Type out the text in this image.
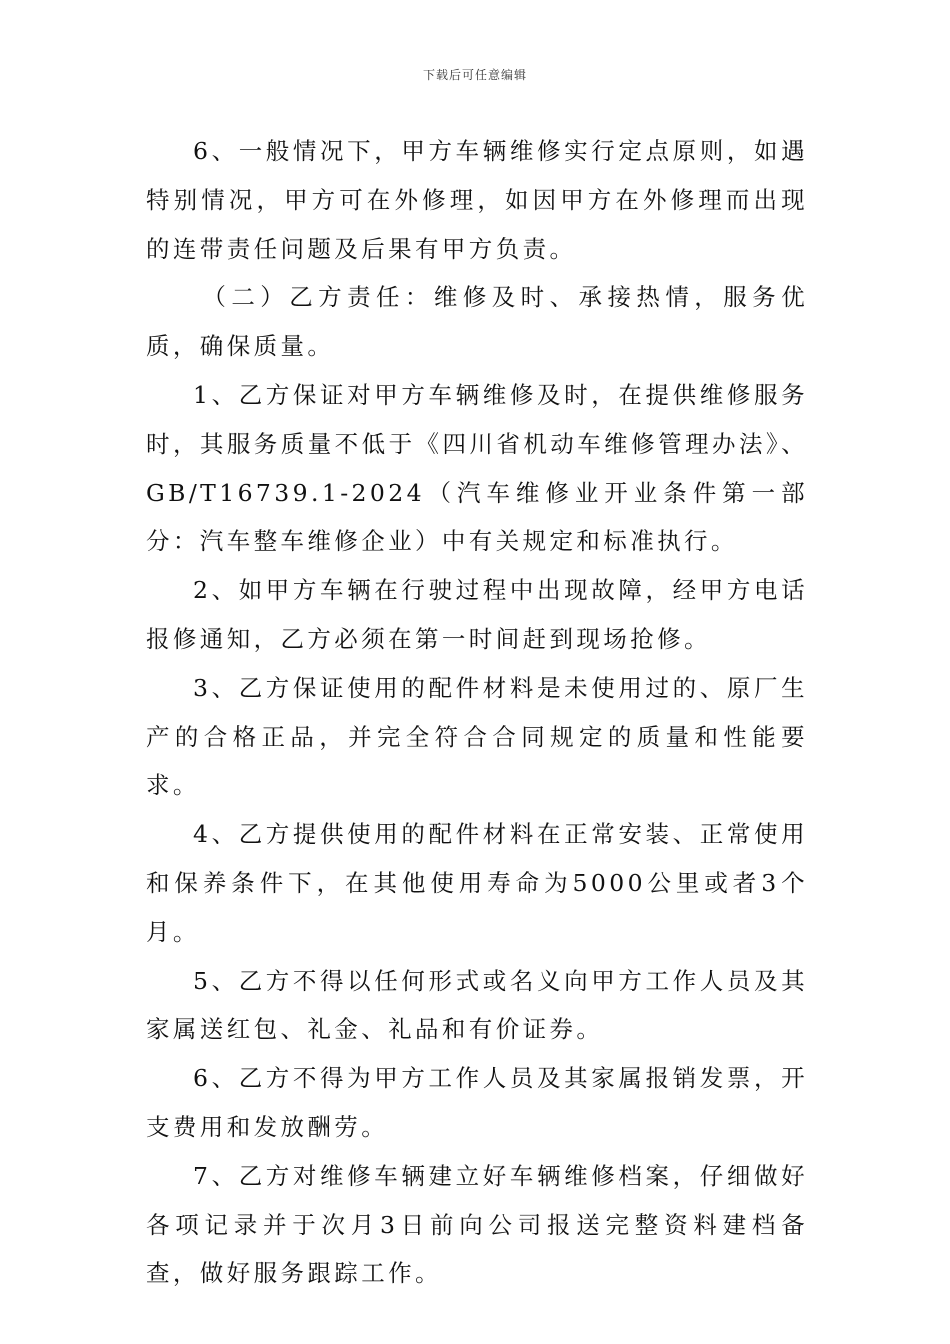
下载后可任意编辑

6、一般情况下，甲方车辆维修实行定点原则，如遇特别情况，甲方可在外修理，如因甲方在外修理而出现的连带责任问题及后果有甲方负责。

（二）乙方责任：维修及时、承接热情，服务优质，确保质量。

1、乙方保证对甲方车辆维修及时，在提供维修服务时，其服务质量不低于《四川省机动车维修管理办法》、GB/T16739.1-2024（汽车维修业开业条件第一部分：汽车整车维修企业）中有关规定和标准执行。

2、如甲方车辆在行驶过程中出现故障，经甲方电话报修通知，乙方必须在第一时间赶到现场抢修。

3、乙方保证使用的配件材料是未使用过的、原厂生产的合格正品，并完全符合合同规定的质量和性能要求。

4、乙方提供使用的配件材料在正常安装、正常使用和保养条件下，在其他使用寿命为5000公里或者3个月。

5、乙方不得以任何形式或名义向甲方工作人员及其家属送红包、礼金、礼品和有价证券。

6、乙方不得为甲方工作人员及其家属报销发票，开支费用和发放酬劳。

7、乙方对维修车辆建立好车辆维修档案，仔细做好各项记录并于次月3日前向公司报送完整资料建档备查，做好服务跟踪工作。
